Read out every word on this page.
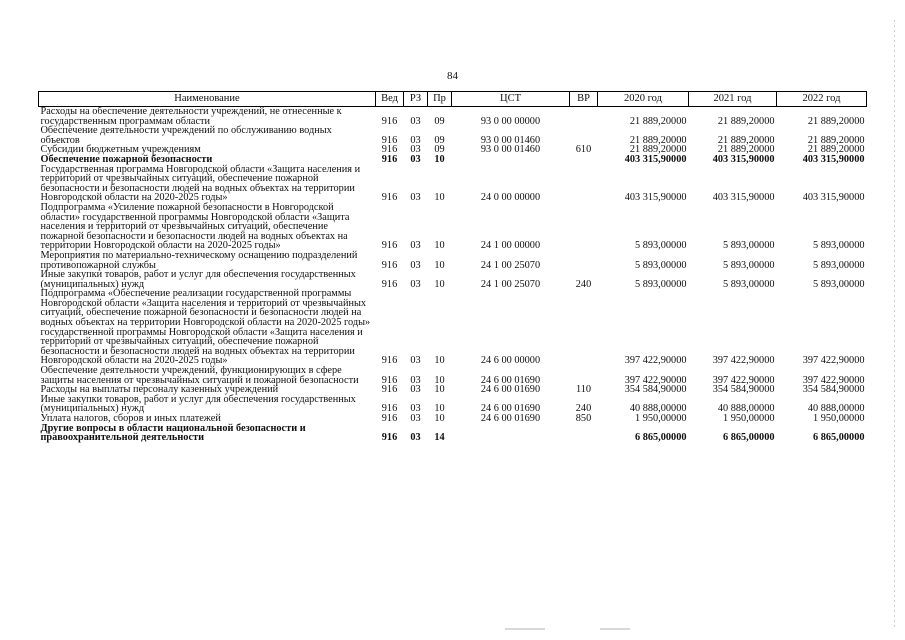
84
Наименование	Вед	РЗ	Пр	ЦСТ	ВР	2020 год	2021 год	2022 год
Расходы на обеспечение деятельности учреждений, не отнесенные к государственным программам области	916	03	09	93 0 00 00000		21 889,20000	21 889,20000	21 889,20000
Обеспечение деятельности учреждений по обслуживанию водных объектов	916	03	09	93 0 00 01460		21 889,20000	21 889,20000	21 889,20000
Субсидии бюджетным учреждениям	916	03	09	93 0 00 01460	610	21 889,20000	21 889,20000	21 889,20000
Обеспечение пожарной безопасности	916	03	10			403 315,90000	403 315,90000	403 315,90000
Государственная программа Новгородской области «Защита населения и территорий от чрезвычайных ситуаций, обеспечение пожарной безопасности и безопасности людей на водных объектах на территории Новгородской области на 2020-2025 годы»	916	03	10	24 0 00 00000		403 315,90000	403 315,90000	403 315,90000
Подпрограмма «Усиление пожарной безопасности в Новгородской области» государственной программы Новгородской области «Защита населения и территорий от чрезвычайных ситуаций, обеспечение пожарной безопасности и безопасности людей на водных объектах на территории Новгородской области на 2020-2025 годы»	916	03	10	24 1 00 00000		5 893,00000	5 893,00000	5 893,00000
Мероприятия по материально-техническому оснащению подразделений противопожарной службы	916	03	10	24 1 00 25070		5 893,00000	5 893,00000	5 893,00000
Иные закупки товаров, работ и услуг для обеспечения государственных (муниципальных) нужд	916	03	10	24 1 00 25070	240	5 893,00000	5 893,00000	5 893,00000
Подпрограмма «Обеспечение реализации государственной программы Новгородской области «Защита населения и территорий от чрезвычайных ситуаций, обеспечение пожарной безопасности и безопасности людей на водных объектах на территории Новгородской области на 2020-2025 годы» государственной программы Новгородской области «Защита населения и территорий от чрезвычайных ситуаций, обеспечение пожарной безопасности и безопасности людей на водных объектах на территории Новгородской области на 2020-2025 годы»	916	03	10	24 6 00 00000		397 422,90000	397 422,90000	397 422,90000
Обеспечение деятельности учреждений, функционирующих в сфере защиты населения от чрезвычайных ситуаций и пожарной безопасности	916	03	10	24 6 00 01690		397 422,90000	397 422,90000	397 422,90000
Расходы на выплаты персоналу казенных учреждений	916	03	10	24 6 00 01690	110	354 584,90000	354 584,90000	354 584,90000
Иные закупки товаров, работ и услуг для обеспечения государственных (муниципальных) нужд	916	03	10	24 6 00 01690	240	40 888,00000	40 888,00000	40 888,00000
Уплата налогов, сборов и иных платежей	916	03	10	24 6 00 01690	850	1 950,00000	1 950,00000	1 950,00000
Другие вопросы в области национальной безопасности и правоохранительной деятельности	916	03	14			6 865,00000	6 865,00000	6 865,00000
